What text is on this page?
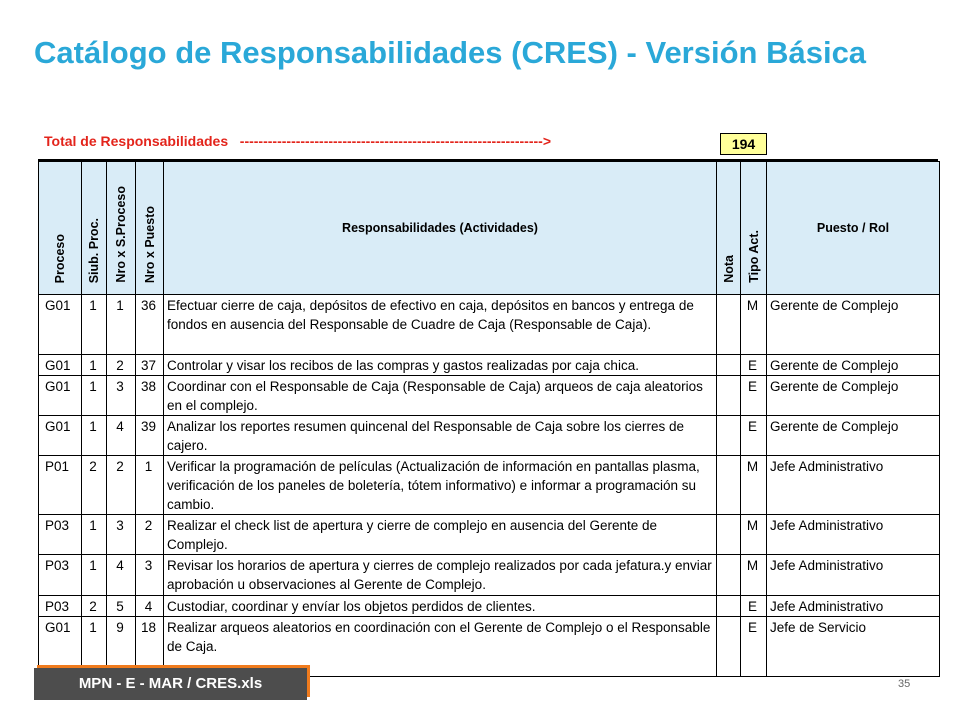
Catálogo de Responsabilidades (CRES) - Versión Básica
Total de Responsabilidades   ----------------------------------------------------------------->	194
Proceso	Siub. Proc.	Nro x S.Proceso	Nro x Puesto	Responsabilidades (Actividades)	Nota	Tipo Act.	Puesto / Rol
G01	1	1	36	Efectuar cierre de caja, depósitos de efectivo en caja, depósitos en bancos y entrega de fondos en ausencia del Responsable de Cuadre de Caja (Responsable de Caja).		M	Gerente de Complejo
G01	1	2	37	Controlar y visar los recibos de las compras y gastos realizadas por caja chica.		E	Gerente de Complejo
G01	1	3	38	Coordinar con el Responsable de Caja (Responsable de Caja) arqueos de caja aleatorios en el complejo.		E	Gerente de Complejo
G01	1	4	39	Analizar los reportes resumen quincenal del Responsable de Caja sobre los cierres de cajero.		E	Gerente de Complejo
P01	2	2	1	Verificar la programación de películas (Actualización de información en pantallas plasma, verificación de los paneles de boletería, tótem informativo) e informar a programación su cambio.		M	Jefe Administrativo
P03	1	3	2	Realizar el check list de apertura y cierre de complejo en ausencia del Gerente de Complejo.		M	Jefe Administrativo
P03	1	4	3	Revisar los horarios de apertura y cierres de complejo realizados por cada jefatura.y enviar aprobación u observaciones al Gerente de Complejo.		M	Jefe Administrativo
P03	2	5	4	Custodiar, coordinar y envíar los objetos perdidos de clientes.		E	Jefe Administrativo
G01	1	9	18	Realizar arqueos aleatorios en coordinación con el Gerente de Complejo o el Responsable de Caja.		E	Jefe de Servicio
MPN - E - MAR / CRES.xls	35
